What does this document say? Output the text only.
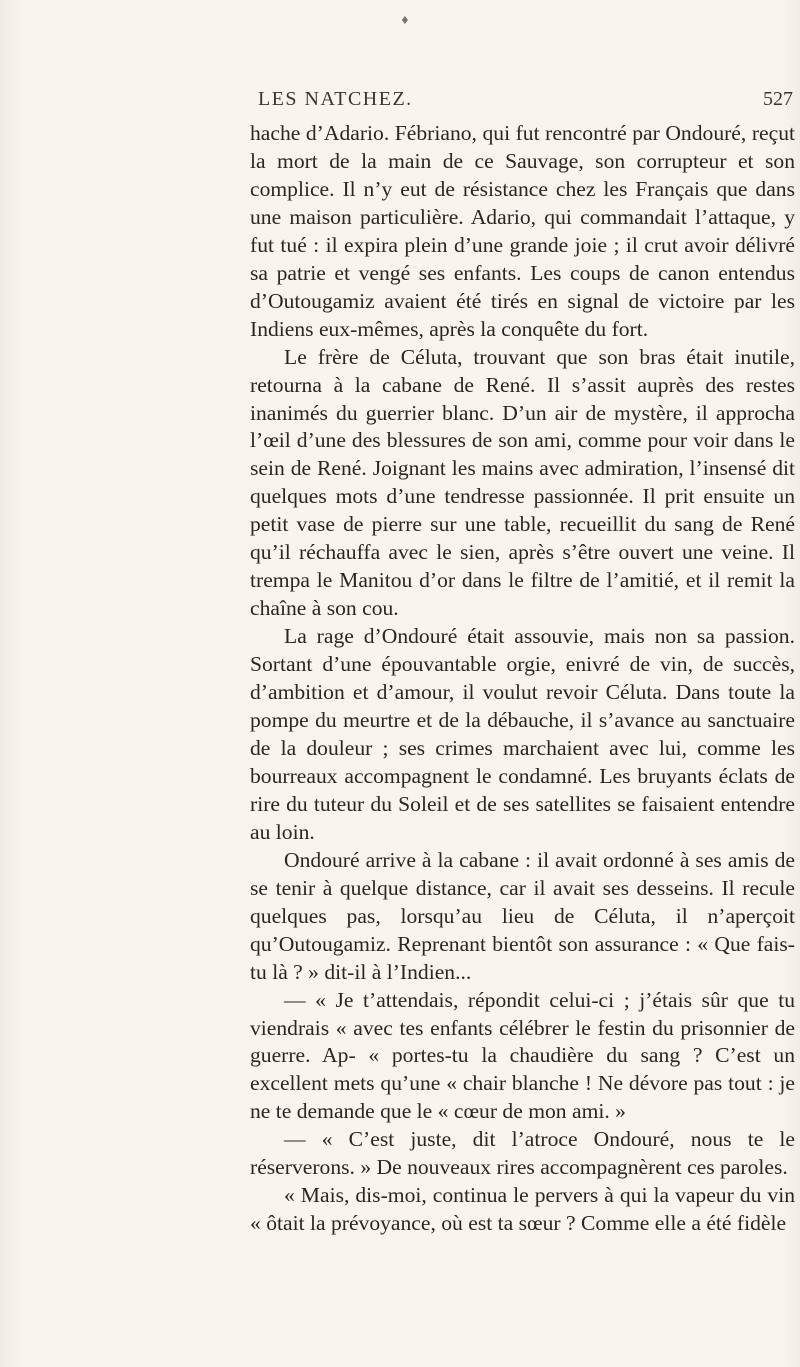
♦
LES NATCHEZ.	527

hache d’Adario. Fébriano, qui fut rencontré par Ondouré, reçut la mort de la main de ce Sauvage, son corrupteur et son complice. Il n’y eut de résistance chez les Français que dans une maison particulière. Adario, qui commandait l’attaque, y fut tué : il expira plein d’une grande joie ; il crut avoir délivré sa patrie et vengé ses enfants. Les coups de canon entendus d’Outougamiz avaient été tirés en signal de victoire par les Indiens eux-mêmes, après la conquête du fort.

Le frère de Céluta, trouvant que son bras était inutile, retourna à la cabane de René. Il s’assit auprès des restes inanimés du guerrier blanc. D’un air de mystère, il approcha l’œil d’une des blessures de son ami, comme pour voir dans le sein de René. Joignant les mains avec admiration, l’insensé dit quelques mots d’une tendresse passionnée. Il prit ensuite un petit vase de pierre sur une table, recueillit du sang de René qu’il réchauffa avec le sien, après s’être ouvert une veine. Il trempa le Manitou d’or dans le filtre de l’amitié, et il remit la chaîne à son cou.

La rage d’Ondouré était assouvie, mais non sa passion. Sortant d’une épouvantable orgie, enivré de vin, de succès, d’ambition et d’amour, il voulut revoir Céluta. Dans toute la pompe du meurtre et de la débauche, il s’avance au sanctuaire de la douleur ; ses crimes marchaient avec lui, comme les bourreaux accompagnent le condamné. Les bruyants éclats de rire du tuteur du Soleil et de ses satellites se faisaient entendre au loin.

Ondouré arrive à la cabane : il avait ordonné à ses amis de se tenir à quelque distance, car il avait ses desseins. Il recule quelques pas, lorsqu’au lieu de Céluta, il n’aperçoit qu’Outougamiz. Reprenant bientôt son assurance : « Que fais-tu là ? » dit-il à l’Indien...

— « Je t’attendais, répondit celui-ci ; j’étais sûr que tu viendrais « avec tes enfants célébrer le festin du prisonnier de guerre. Ap- « portes-tu la chaudière du sang ? C’est un excellent mets qu’une « chair blanche ! Ne dévore pas tout : je ne te demande que le « cœur de mon ami. »

— « C’est juste, dit l’atroce Ondouré, nous te le réserverons. » De nouveaux rires accompagnèrent ces paroles.

« Mais, dis-moi, continua le pervers à qui la vapeur du vin « ôtait la prévoyance, où est ta sœur ? Comme elle a été fidèle
